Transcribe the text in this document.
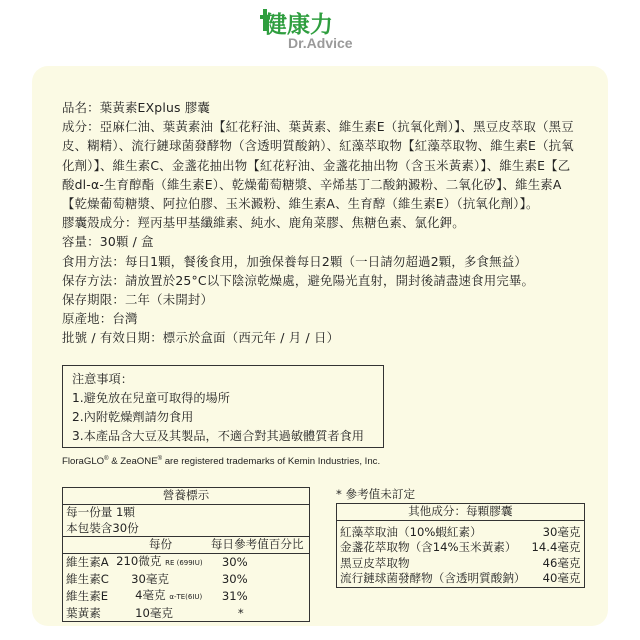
健康力
Dr.Advice

品名：葉黃素EXplus 膠囊

成分：亞麻仁油、葉黃素油【紅花籽油、葉黃素、維生素E（抗氧化劑）】、黑豆皮萃取（黑豆皮、糊精）、流行鏈球菌發酵物（含透明質酸鈉）、紅藻萃取物【紅藻萃取物、維生素E（抗氧化劑）】、維生素C、金盞花抽出物【紅花籽油、金盞花抽出物（含玉米黃素）】、維生素E【乙酸dl-α-生育醇酯（維生素E）、乾燥葡萄糖漿、辛烯基丁二酸鈉澱粉、二氧化矽】、維生素A【乾燥葡萄糖漿、阿拉伯膠、玉米澱粉、維生素A、生育醇（維生素E）（抗氧化劑）】。

膠囊殼成分：羥丙基甲基纖維素、純水、鹿角菜膠、焦糖色素、氯化鉀。

容量：30顆 / 盒

食用方法：每日1顆，餐後食用，加強保養每日2顆（一日請勿超過2顆，多食無益）

保存方法：請放置於25°C以下陰涼乾燥處，避免陽光直射，開封後請盡速食用完畢。

保存期限：二年（未開封）

原產地：台灣

批號 / 有效日期：標示於盒面（西元年 / 月 / 日）

注意事項：
1.避免放在兒童可取得的場所
2.內附乾燥劑請勿食用
3.本產品含大豆及其製品，不適合對其過敏體質者食用
FloraGLO® & ZeaONE® are registered trademarks of Kemin Industries, Inc.
營養標示		
每一份量 1顆		
本包裝含30份		
	每份	每日參考值百分比
維生素A	210微克 RE (699IU)	30%
維生素C	30毫克	30%
維生素E	4毫克 α-TE(6IU)	31%
葉黃素	10毫克	*
* 參考值未訂定
其他成分：每顆膠囊	

紅藻萃取油（10%蝦紅素）	30毫克
金盞花萃取物（含14%玉米黃素）	14.4毫克
黑豆皮萃取物	46毫克
流行鏈球菌發酵物（含透明質酸鈉）	40毫克
